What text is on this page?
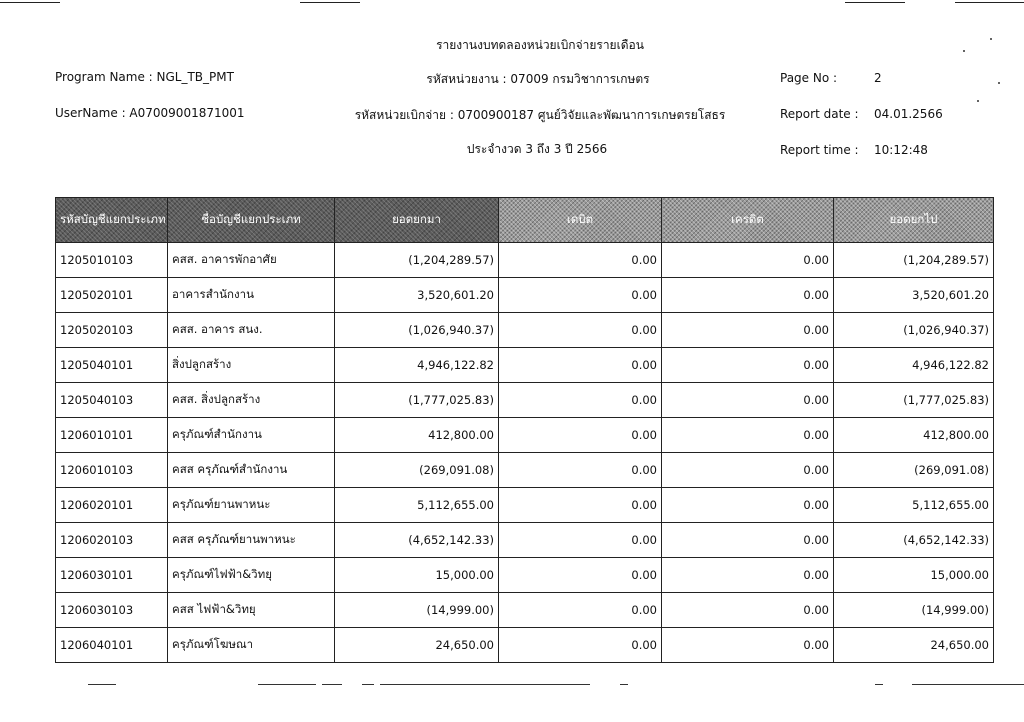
รายงานงบทดลองหน่วยเบิกจ่ายรายเดือน
Program Name : NGL_TB_PMT	รหัสหน่วยงาน : 07009 กรมวิชาการเกษตร	Page No :	2
UserName : A07009001871001	รหัสหน่วยเบิกจ่าย : 0700900187 ศูนย์วิจัยและพัฒนาการเกษตรยโสธร	Report date : 04.01.2566
ประจำงวด 3 ถึง 3 ปี 2566	Report time : 10:12:48
รหัสบัญชีแยกประเภท	ชื่อบัญชีแยกประเภท	ยอดยกมา	เดบิต	เครดิต	ยอดยกไป
1205010103	คสส. อาคารพักอาศัย	(1,204,289.57)	0.00	0.00	(1,204,289.57)
1205020101	อาคารสำนักงาน	3,520,601.20	0.00	0.00	3,520,601.20
1205020103	คสส. อาคาร สนง.	(1,026,940.37)	0.00	0.00	(1,026,940.37)
1205040101	สิ่งปลูกสร้าง	4,946,122.82	0.00	0.00	4,946,122.82
1205040103	คสส. สิ่งปลูกสร้าง	(1,777,025.83)	0.00	0.00	(1,777,025.83)
1206010101	ครุภัณฑ์สำนักงาน	412,800.00	0.00	0.00	412,800.00
1206010103	คสส ครุภัณฑ์สำนักงาน	(269,091.08)	0.00	0.00	(269,091.08)
1206020101	ครุภัณฑ์ยานพาหนะ	5,112,655.00	0.00	0.00	5,112,655.00
1206020103	คสส ครุภัณฑ์ยานพาหนะ	(4,652,142.33)	0.00	0.00	(4,652,142.33)
1206030101	ครุภัณฑ์ไฟฟ้า&วิทยุ	15,000.00	0.00	0.00	15,000.00
1206030103	คสส ไฟฟ้า&วิทยุ	(14,999.00)	0.00	0.00	(14,999.00)
1206040101	ครุภัณฑ์โฆษณา	24,650.00	0.00	0.00	24,650.00
